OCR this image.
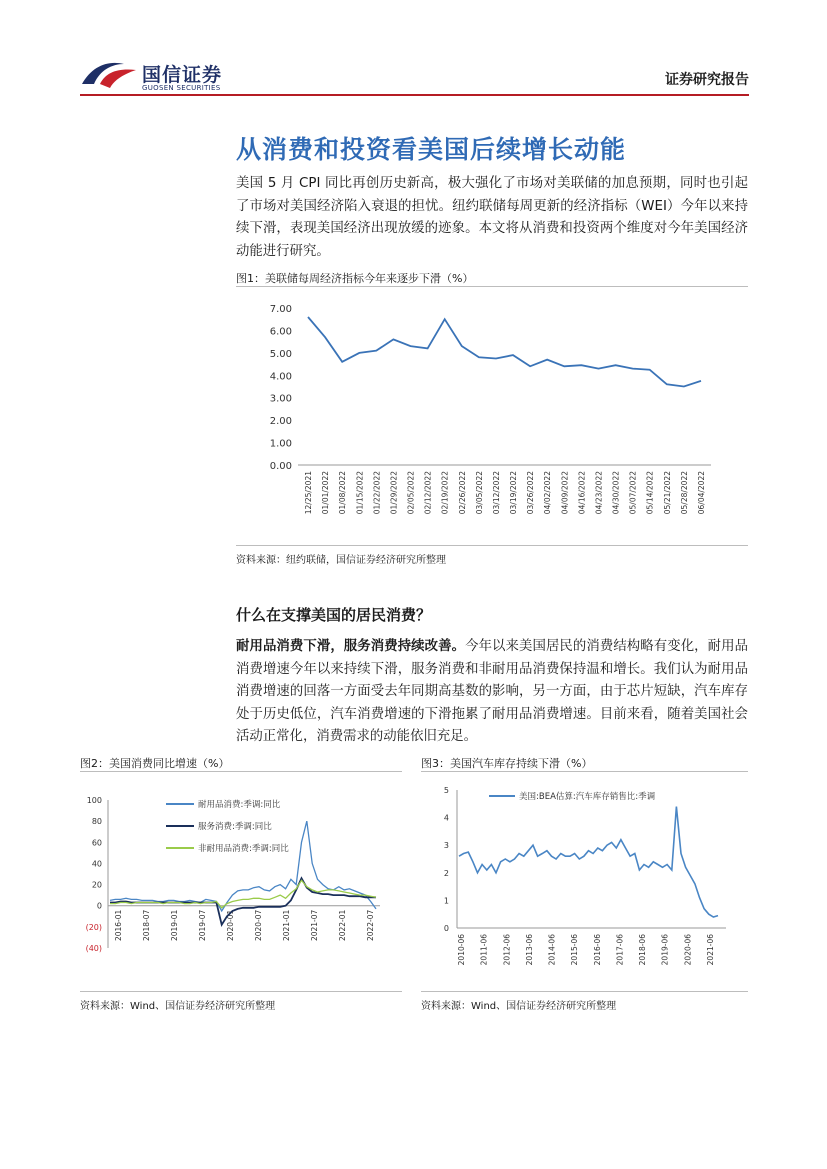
国信证券
GUOSEN SECURITIES	证券研究报告
从消费和投资看美国后续增长动能
美国 5 月 CPI 同比再创历史新高，极大强化了市场对美联储的加息预期，同时也引起了市场对美国经济陷入衰退的担忧。纽约联储每周更新的经济指标（WEI）今年以来持续下滑，表现美国经济出现放缓的迹象。本文将从消费和投资两个维度对今年美国经济动能进行研究。
图1：美联储每周经济指标今年来逐步下滑（%）
0.00
1.00
2.00
3.00
4.00
5.00
6.00
7.00
12/25/2021 01/01/2022 01/08/2022 01/15/2022 01/22/2022 01/29/2022 02/05/2022 02/12/2022 02/19/2022 02/26/2022 03/05/2022 03/12/2022 03/19/2022 03/26/2022 04/02/2022 04/09/2022 04/16/2022 04/23/2022 04/30/2022 05/07/2022 05/14/2022 05/21/2022 05/28/2022 06/04/2022
资料来源：纽约联储，国信证券经济研究所整理
什么在支撑美国的居民消费？
耐用品消费下滑，服务消费持续改善。今年以来美国居民的消费结构略有变化，耐用品消费增速今年以来持续下滑，服务消费和非耐用品消费保持温和增长。我们认为耐用品消费增速的回落一方面受去年同期高基数的影响，另一方面，由于芯片短缺，汽车库存处于历史低位，汽车消费增速的下滑拖累了耐用品消费增速。目前来看，随着美国社会活动正常化，消费需求的动能依旧充足。
图2：美国消费同比增速（%）
(40)
(20)
0
20
40
60
80
100
2016-01	2018-07	2019-01	2019-07	2020-01	2020-07	2021-01	2021-07	2022-01	2022-07
耐用品消费:季调:同比
服务消费:季调:同比
非耐用品消费:季调:同比
资料来源：Wind、国信证券经济研究所整理
图3：美国汽车库存持续下滑（%）
0
1
2
3
4
5
2010-06 2011-06 2012-06 2013-06 2014-06 2015-06 2016-06 2017-06 2018-06 2019-06 2020-06 2021-06
美国:BEA估算:汽车库存销售比:季调
资料来源：Wind、国信证券经济研究所整理
